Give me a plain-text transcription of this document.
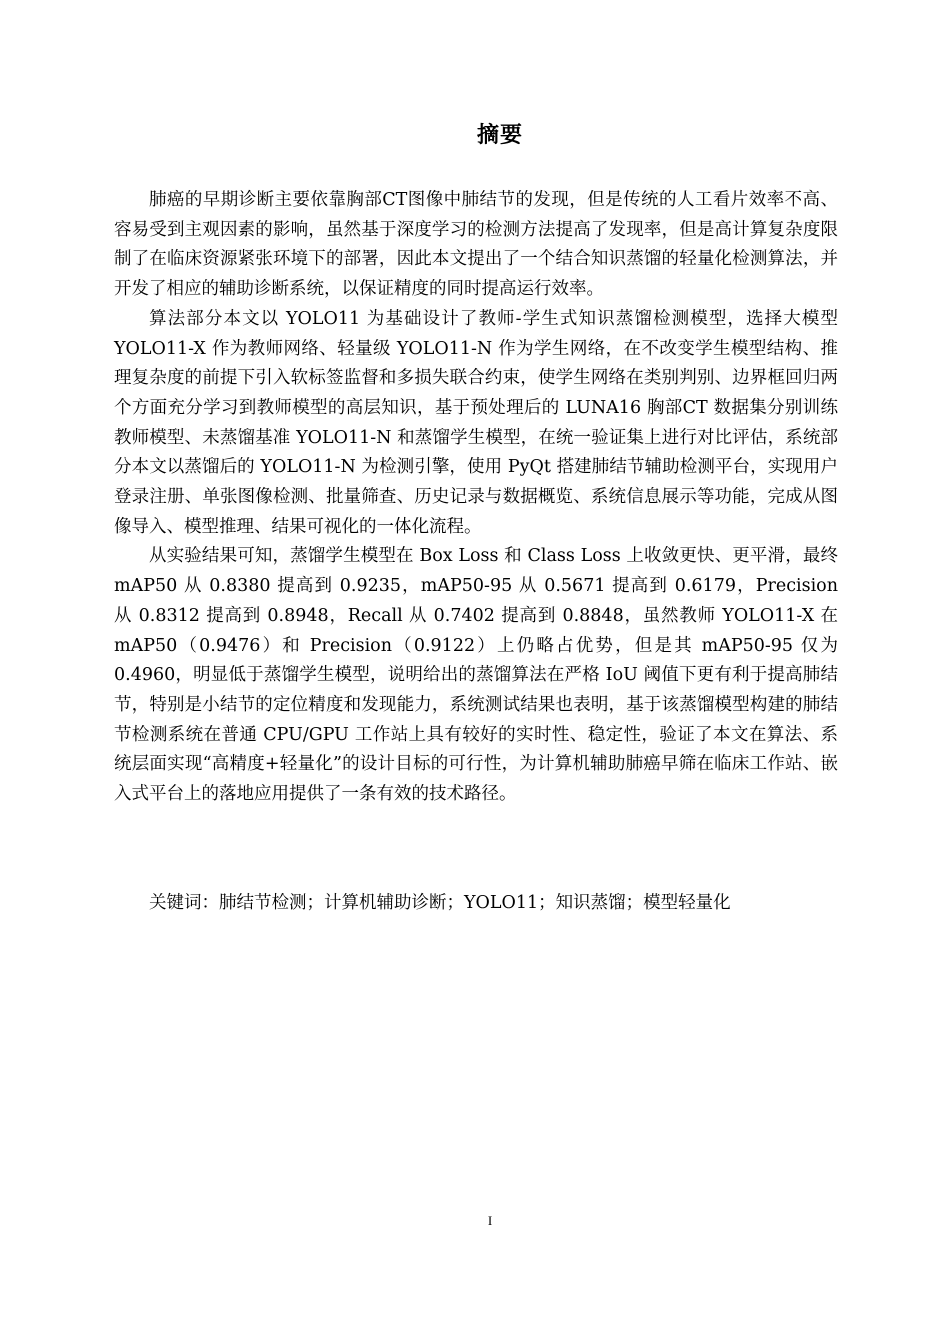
摘要

肺癌的早期诊断主要依靠胸部CT图像中肺结节的发现，但是传统的人工看片效率不高、容易受到主观因素的影响，虽然基于深度学习的检测方法提高了发现率，但是高计算复杂度限制了在临床资源紧张环境下的部署，因此本文提出了一个结合知识蒸馏的轻量化检测算法，并开发了相应的辅助诊断系统，以保证精度的同时提高运行效率。

算法部分本文以 YOLO11 为基础设计了教师-学生式知识蒸馏检测模型，选择大模型 YOLO11-X 作为教师网络、轻量级 YOLO11-N 作为学生网络，在不改变学生模型结构、推理复杂度的前提下引入软标签监督和多损失联合约束，使学生网络在类别判别、边界框回归两个方面充分学习到教师模型的高层知识，基于预处理后的 LUNA16 胸部CT 数据集分别训练教师模型、未蒸馏基准 YOLO11-N 和蒸馏学生模型，在统一验证集上进行对比评估，系统部分本文以蒸馏后的 YOLO11-N 为检测引擎，使用 PyQt 搭建肺结节辅助检测平台，实现用户登录注册、单张图像检测、批量筛查、历史记录与数据概览、系统信息展示等功能，完成从图像导入、模型推理、结果可视化的一体化流程。

从实验结果可知，蒸馏学生模型在 Box Loss 和 Class Loss 上收敛更快、更平滑，最终 mAP50 从 0.8380 提高到 0.9235，mAP50-95 从 0.5671 提高到 0.6179，Precision 从 0.8312 提高到 0.8948，Recall 从 0.7402 提高到 0.8848，虽然教师 YOLO11-X 在 mAP50（0.9476）和 Precision（0.9122）上仍略占优势，但是其 mAP50-95 仅为 0.4960，明显低于蒸馏学生模型，说明给出的蒸馏算法在严格 IoU 阈值下更有利于提高肺结节，特别是小结节的定位精度和发现能力，系统测试结果也表明，基于该蒸馏模型构建的肺结节检测系统在普通 CPU/GPU 工作站上具有较好的实时性、稳定性，验证了本文在算法、系统层面实现“高精度+轻量化”的设计目标的可行性，为计算机辅助肺癌早筛在临床工作站、嵌入式平台上的落地应用提供了一条有效的技术路径。

关键词：肺结节检测；计算机辅助诊断；YOLO11；知识蒸馏；模型轻量化
I
